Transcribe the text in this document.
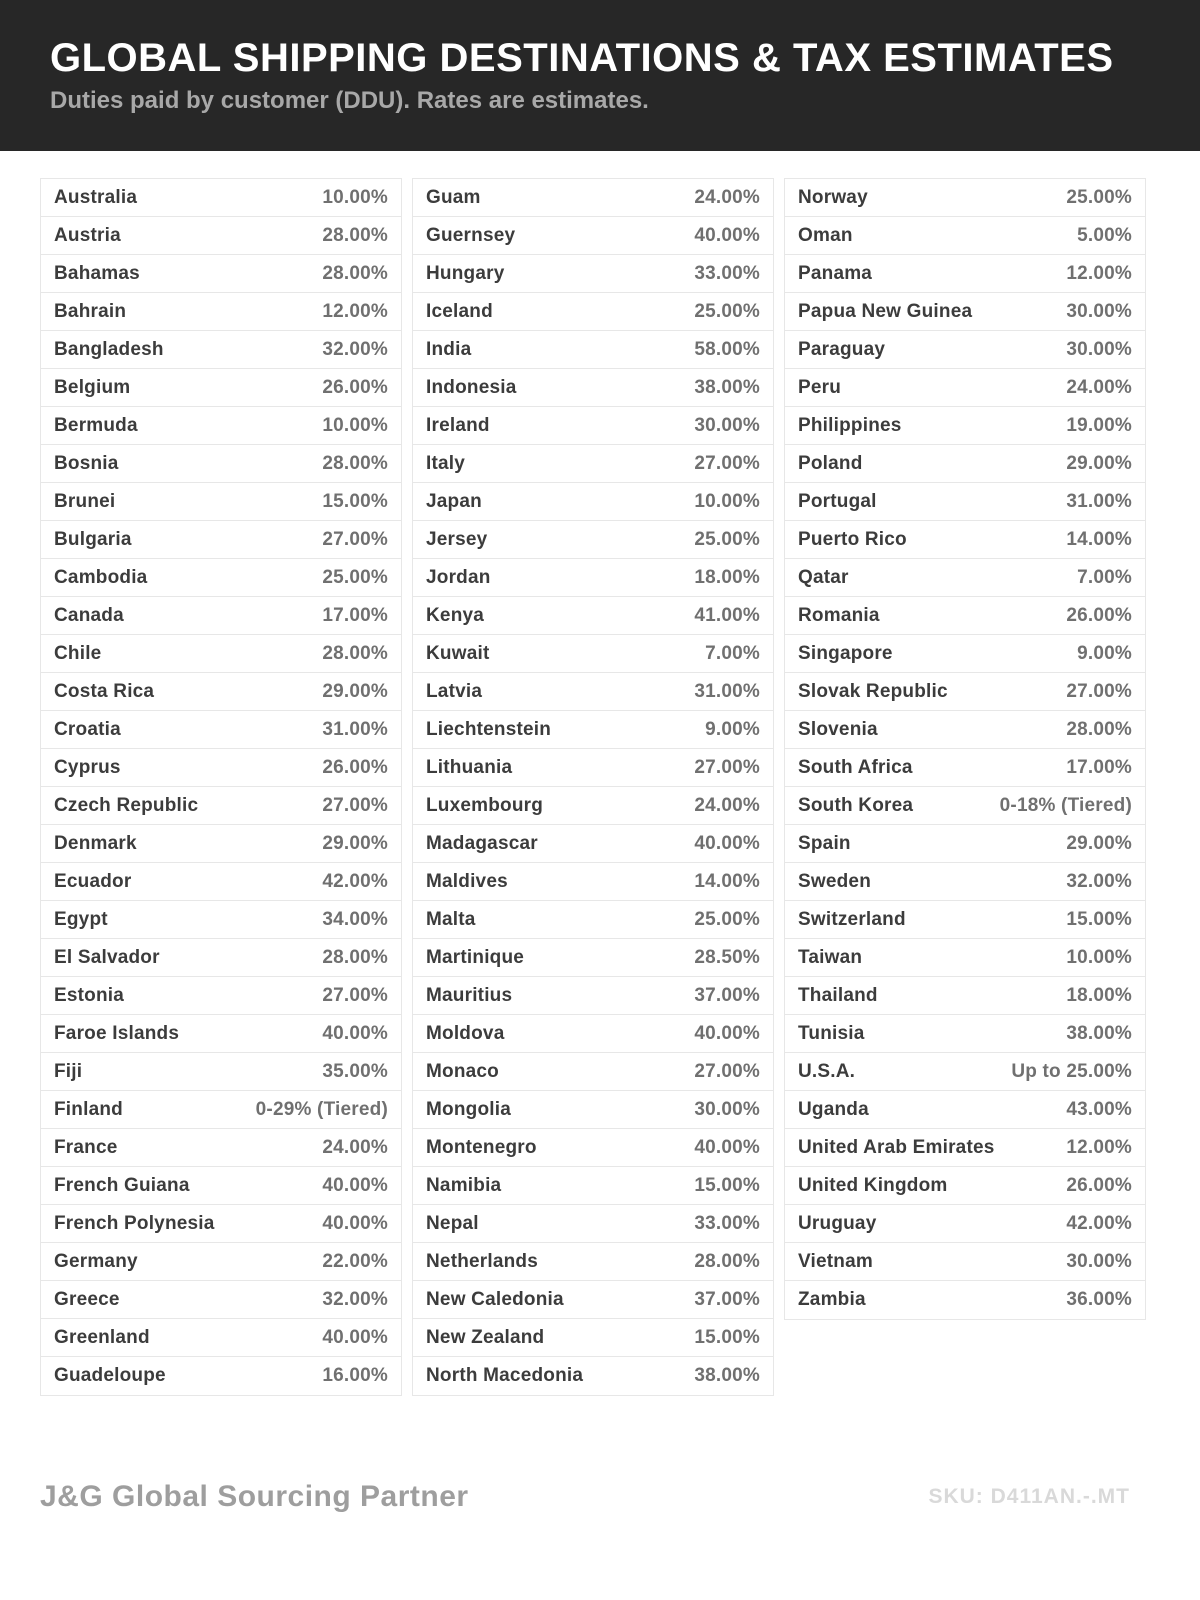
GLOBAL SHIPPING DESTINATIONS & TAX ESTIMATES
Duties paid by customer (DDU). Rates are estimates.
Australia	10.00%
Austria	28.00%
Bahamas	28.00%
Bahrain	12.00%
Bangladesh	32.00%
Belgium	26.00%
Bermuda	10.00%
Bosnia	28.00%
Brunei	15.00%
Bulgaria	27.00%
Cambodia	25.00%
Canada	17.00%
Chile	28.00%
Costa Rica	29.00%
Croatia	31.00%
Cyprus	26.00%
Czech Republic	27.00%
Denmark	29.00%
Ecuador	42.00%
Egypt	34.00%
El Salvador	28.00%
Estonia	27.00%
Faroe Islands	40.00%
Fiji	35.00%
Finland	0-29% (Tiered)
France	24.00%
French Guiana	40.00%
French Polynesia	40.00%
Germany	22.00%
Greece	32.00%
Greenland	40.00%
Guadeloupe	16.00%
Guam	24.00%
Guernsey	40.00%
Hungary	33.00%
Iceland	25.00%
India	58.00%
Indonesia	38.00%
Ireland	30.00%
Italy	27.00%
Japan	10.00%
Jersey	25.00%
Jordan	18.00%
Kenya	41.00%
Kuwait	7.00%
Latvia	31.00%
Liechtenstein	9.00%
Lithuania	27.00%
Luxembourg	24.00%
Madagascar	40.00%
Maldives	14.00%
Malta	25.00%
Martinique	28.50%
Mauritius	37.00%
Moldova	40.00%
Monaco	27.00%
Mongolia	30.00%
Montenegro	40.00%
Namibia	15.00%
Nepal	33.00%
Netherlands	28.00%
New Caledonia	37.00%
New Zealand	15.00%
North Macedonia	38.00%
Norway	25.00%
Oman	5.00%
Panama	12.00%
Papua New Guinea	30.00%
Paraguay	30.00%
Peru	24.00%
Philippines	19.00%
Poland	29.00%
Portugal	31.00%
Puerto Rico	14.00%
Qatar	7.00%
Romania	26.00%
Singapore	9.00%
Slovak Republic	27.00%
Slovenia	28.00%
South Africa	17.00%
South Korea	0-18% (Tiered)
Spain	29.00%
Sweden	32.00%
Switzerland	15.00%
Taiwan	10.00%
Thailand	18.00%
Tunisia	38.00%
U.S.A.	Up to 25.00%
Uganda	43.00%
United Arab Emirates	12.00%
United Kingdom	26.00%
Uruguay	42.00%
Vietnam	30.00%
Zambia	36.00%
J&G Global Sourcing Partner	SKU: D411AN.-.MT
